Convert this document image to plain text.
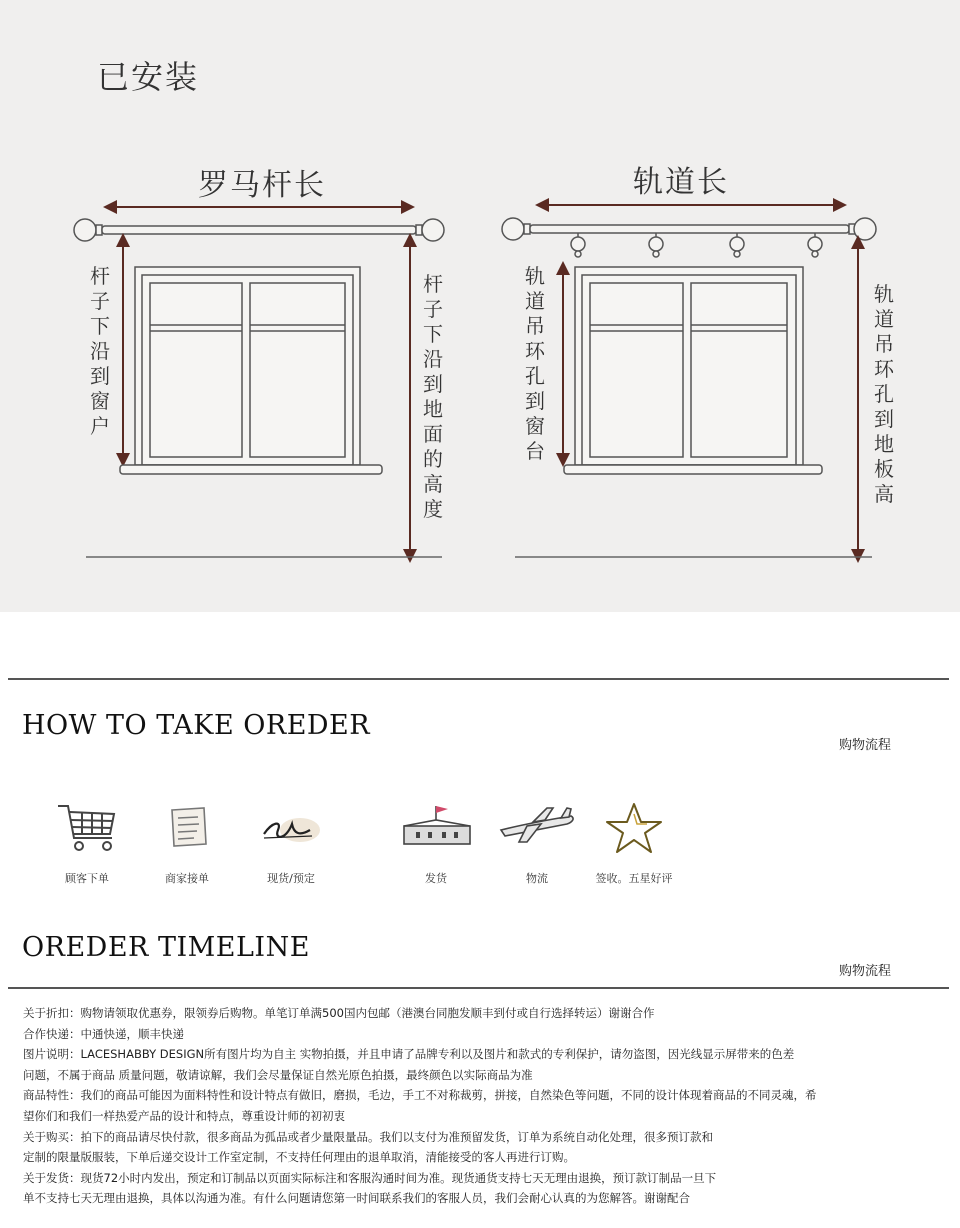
已安装
罗马杆长	轨道长
杆子下沿到窗户
杆子下沿到地面的高度
轨道吊环孔到窗台
轨道吊环孔到地板高
HOW TO TAKE OREDER
购物流程
顾客下单	商家接单	现货/预定	发货	物流	签收。五星好评
OREDER TIMELINE
购物流程
关于折扣：购物请领取优惠券，限领券后购物。单笔订单满500国内包邮（港澳台同胞发顺丰到付或自行选择转运）谢谢合作
合作快递：中通快递，顺丰快递
图片说明：LACESHABBY DESIGN所有图片均为自主 实物拍摄，并且申请了品牌专利以及图片和款式的专利保护，请勿盗图，因光线显示屏带来的色差
问题，不属于商品 质量问题，敬请谅解，我们会尽量保证自然光原色拍摄，最终颜色以实际商品为准
商品特性：我们的商品可能因为面料特性和设计特点有做旧，磨损，毛边，手工不对称裁剪，拼接，自然染色等问题，不同的设计体现着商品的不同灵魂，希
望你们和我们一样热爱产品的设计和特点，尊重设计师的初初衷
关于购买：拍下的商品请尽快付款，很多商品为孤品或者少量限量品。我们以支付为准预留发货，订单为系统自动化处理，很多预订款和
定制的限量版服装，下单后递交设计工作室定制，不支持任何理由的退单取消，清能接受的客人再进行订购。
关于发货：现货72小时内发出，预定和订制品以页面实际标注和客服沟通时间为准。现货通货支持七天无理由退换，预订款订制品一旦下
单不支持七天无理由退换，具体以沟通为准。有什么问题请您第一时间联系我们的客服人员，我们会耐心认真的为您解答。谢谢配合
